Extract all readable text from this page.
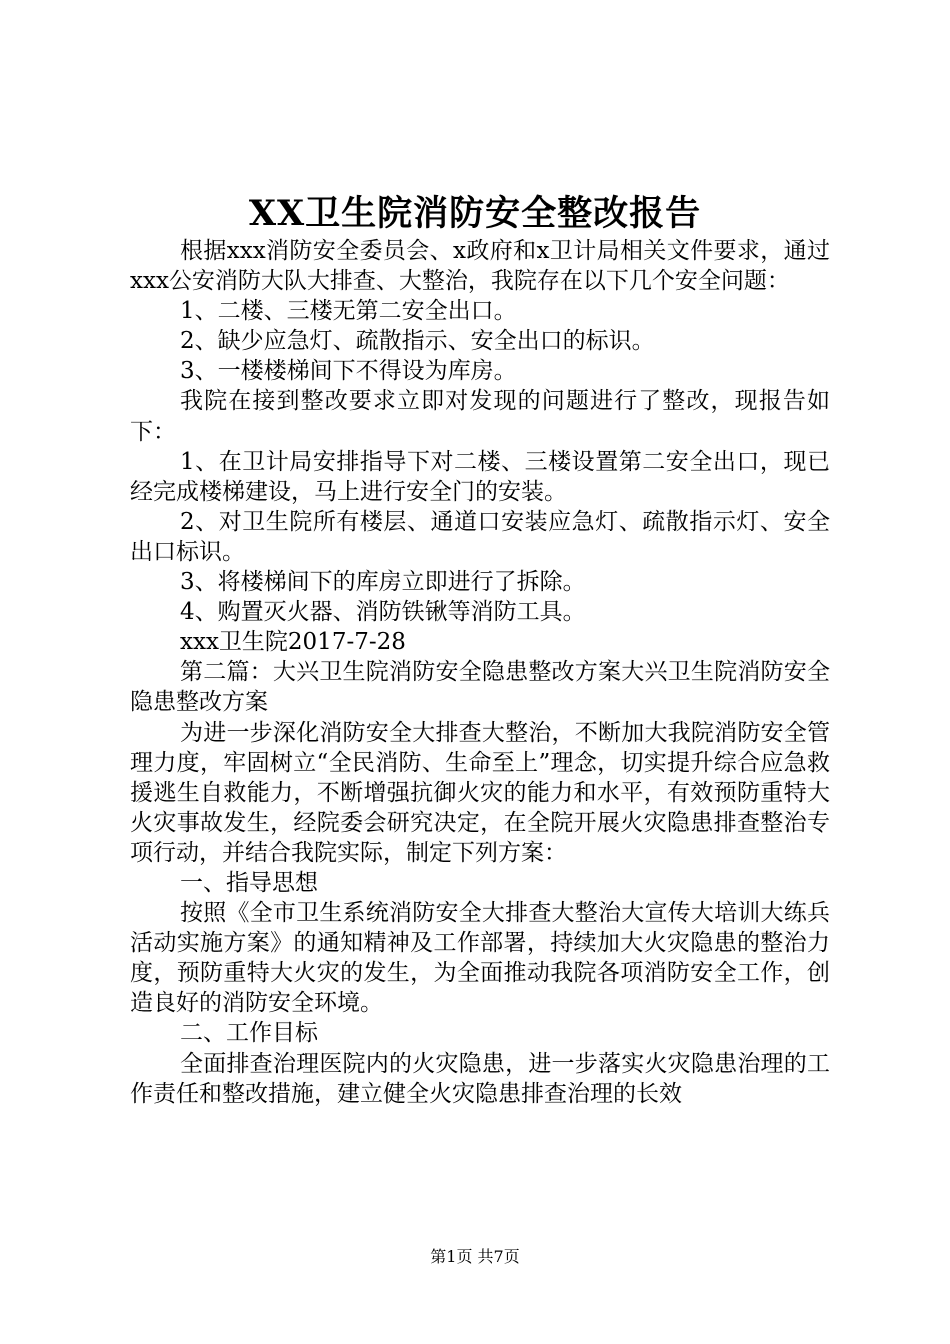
XX卫生院消防安全整改报告

根据xxx消防安全委员会、x政府和x卫计局相关文件要求，通过xxx公安消防大队大排查、大整治，我院存在以下几个安全问题：

1、二楼、三楼无第二安全出口。

2、缺少应急灯、疏散指示、安全出口的标识。

3、一楼楼梯间下不得设为库房。

我院在接到整改要求立即对发现的问题进行了整改，现报告如下：

1、在卫计局安排指导下对二楼、三楼设置第二安全出口，现已经完成楼梯建设，马上进行安全门的安装。

2、对卫生院所有楼层、通道口安装应急灯、疏散指示灯、安全出口标识。

3、将楼梯间下的库房立即进行了拆除。

4、购置灭火器、消防铁锹等消防工具。

xxx卫生院2017-7-28

第二篇：大兴卫生院消防安全隐患整改方案大兴卫生院消防安全隐患整改方案

为进一步深化消防安全大排查大整治，不断加大我院消防安全管理力度，牢固树立“全民消防、生命至上”理念，切实提升综合应急救援逃生自救能力，不断增强抗御火灾的能力和水平，有效预防重特大火灾事故发生，经院委会研究决定，在全院开展火灾隐患排查整治专项行动，并结合我院实际，制定下列方案：

一、指导思想

按照《全市卫生系统消防安全大排查大整治大宣传大培训大练兵活动实施方案》的通知精神及工作部署，持续加大火灾隐患的整治力度，预防重特大火灾的发生，为全面推动我院各项消防安全工作，创造良好的消防安全环境。

二、工作目标

全面排查治理医院内的火灾隐患，进一步落实火灾隐患治理的工作责任和整改措施，建立健全火灾隐患排查治理的长效

第1页 共7页
